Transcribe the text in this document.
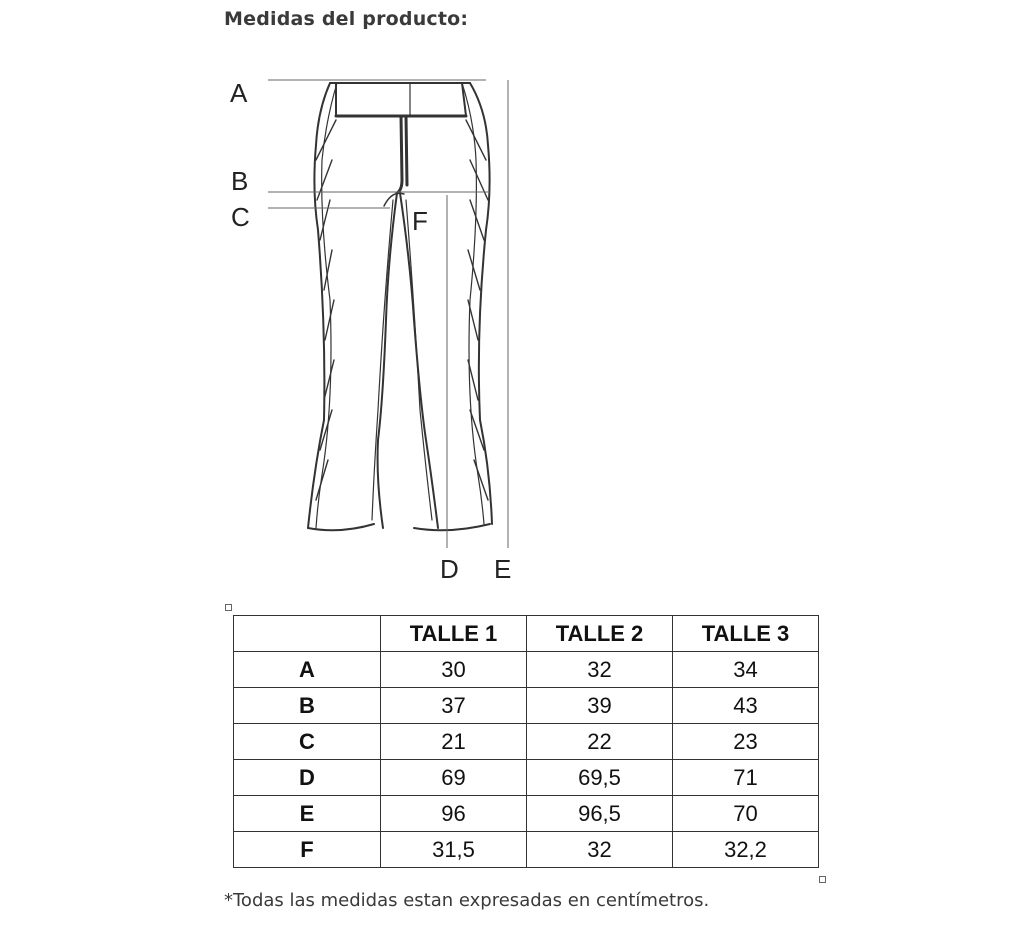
Medidas del producto:
A
B
C	F
D E
	TALLE 1	TALLE 2	TALLE 3
A	30	32	34
B	37	39	43
C	21	22	23
D	69	69,5	71
E	96	96,5	70
F	31,5	32	32,2
*Todas las medidas estan expresadas en centímetros.
